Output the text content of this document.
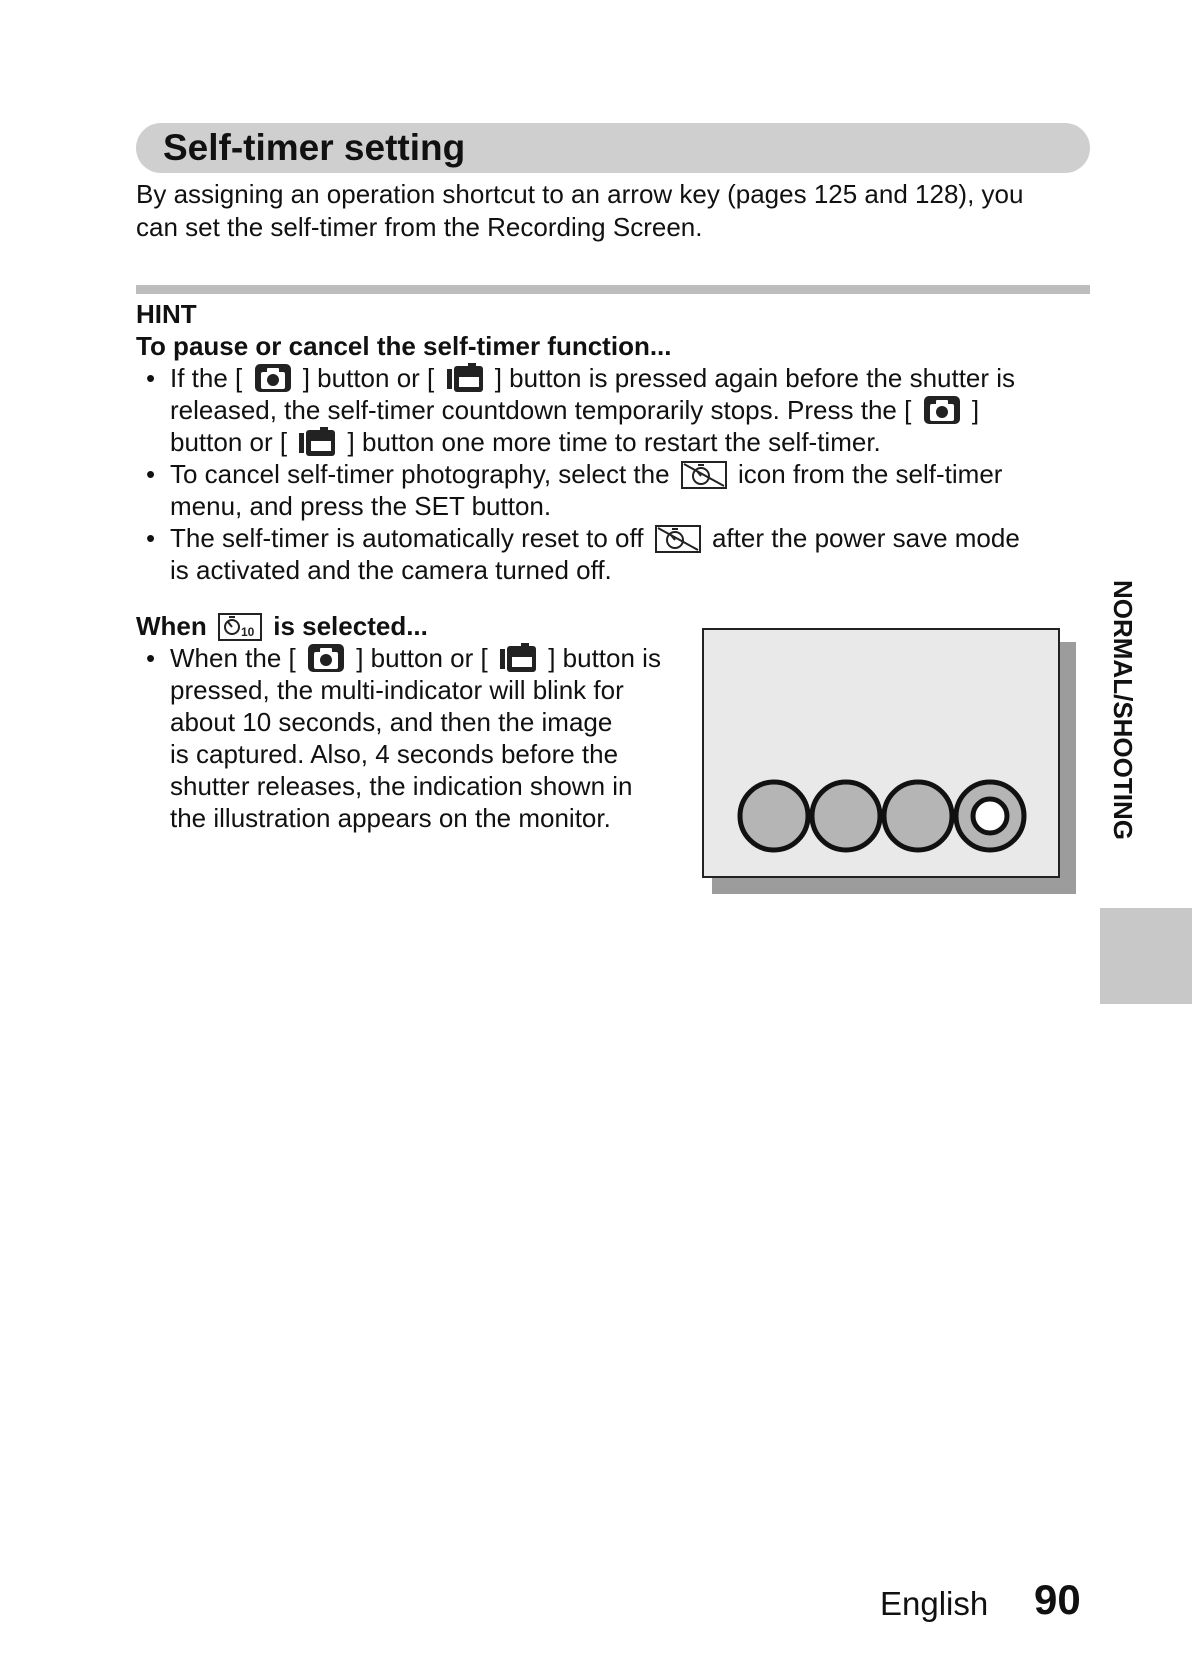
Self-timer setting
By assigning an operation shortcut to an arrow key (pages 125 and 128), you
can set the self-timer from the Recording Screen.
HINT
To pause or cancel the self-timer function...
• If the [ ] button or [ ] button is pressed again before the shutter is
released, the self-timer countdown temporarily stops. Press the [ ]
button or [ ] button one more time to restart the self-timer.
• To cancel self-timer photography, select the	icon from the self-timer
menu, and press the SET button.
• The self-timer is automatically reset to off	after the power save mode
is activated and the camera turned off.
When	10 is selected...
• When the [ ] button or [ ] button is
pressed, the multi-indicator will blink for
about 10 seconds, and then the image
is captured. Also, 4 seconds before the
shutter releases, the indication shown in
the illustration appears on the monitor.	NORMAL/SHOOTING
English 90
